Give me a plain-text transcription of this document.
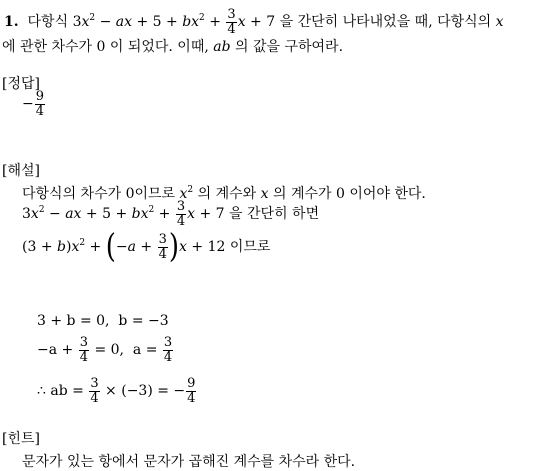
1. 다항식 $3x^2$ − ax + $5 + bx^2 + \frac{3}{4}$ x + 7 을 간단히 나타내었을 때, 다항식의 x
에 관한 차수가 0 이 되었다. 이때, ab 의 값을 구하여라.
[정답]
− $\frac{9}{4}$
[해설]
다항식의 차수가 0이므로 $x^2$ 의 계수와 x 의 계수가 0 이어야 한다.
$3x^2$ − ax + $5 + bx^2 + \frac{3}{4}$ x + 7 을 간단히 하면
$(3 + b)x^2 + (-a + \frac{3}{4} )x + 12$ 이므로
3 + b = 0, b = −3
$-a + \frac{3}{4} = 0$, $a = \frac{3}{4}$
∴ ab = $\frac{3}{4} \times (-3)$ = − $\frac{9}{4}$
[힌트]
문자가 있는 항에서 문자가 곱해진 계수를 차수라 한다.
